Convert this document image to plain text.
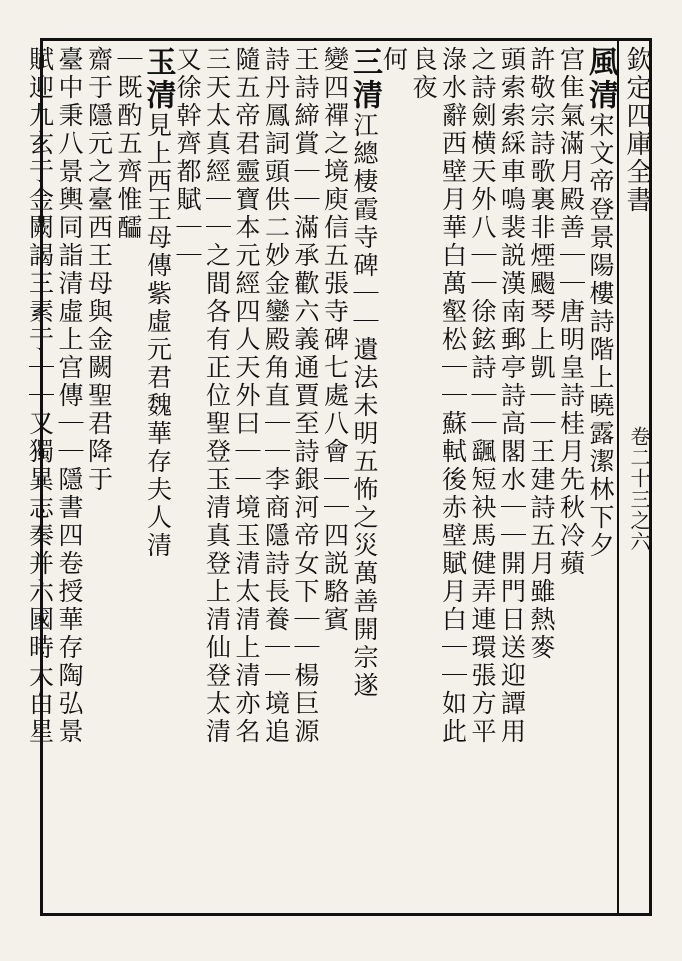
欽定四庫全書
卷二十三之六
風清宋文帝登景陽樓詩階上曉露潔林下夕
宫隹氣滿月殿善｜｜唐明皇詩桂月先秋冷蘋
許敬宗詩歌裏非煙颺琴上凱｜｜王建詩五月雖熱麥
頭索索綵車鳴裴説漢南郵亭詩高閣水｜｜開門日送迎譚用
之詩劍横天外八｜｜徐鉉詩｜｜颻短袂馬健弄連環張方平
淥水辭西壁月華白萬壑松｜｜蘇軾後赤壁賦月白｜｜如此
良夜
何
三清江總棲霞寺碑｜｜遺法未明五怖之災萬善開宗遂
變四禪之境庾信五張寺碑七處八會｜｜四説駱賓
王詩締賞｜｜滿承歡六義通賈至詩銀河帝女下｜｜楊巨源
詩丹鳳詞頭供二妙金鑾殿角直｜｜李商隱詩長養｜｜境追
隨五帝君靈寶本元經四人天外曰｜｜境玉清太清上清亦名
三天太真經｜｜之間各有正位聖登玉清真登上清仙登太清
又徐幹齊都賦｜｜
玉清見上西王母傳紫虛元君魏華存夫人清
｜既酌五齊惟醽
齋于隱元之臺西王母與金闕聖君降于
臺中秉八景輿同詣清虛上宫傳｜｜隱書四卷授華存陶弘景
賦迎九玄于金闕謁三素于｜｜又獨異志秦并六國時太白星
